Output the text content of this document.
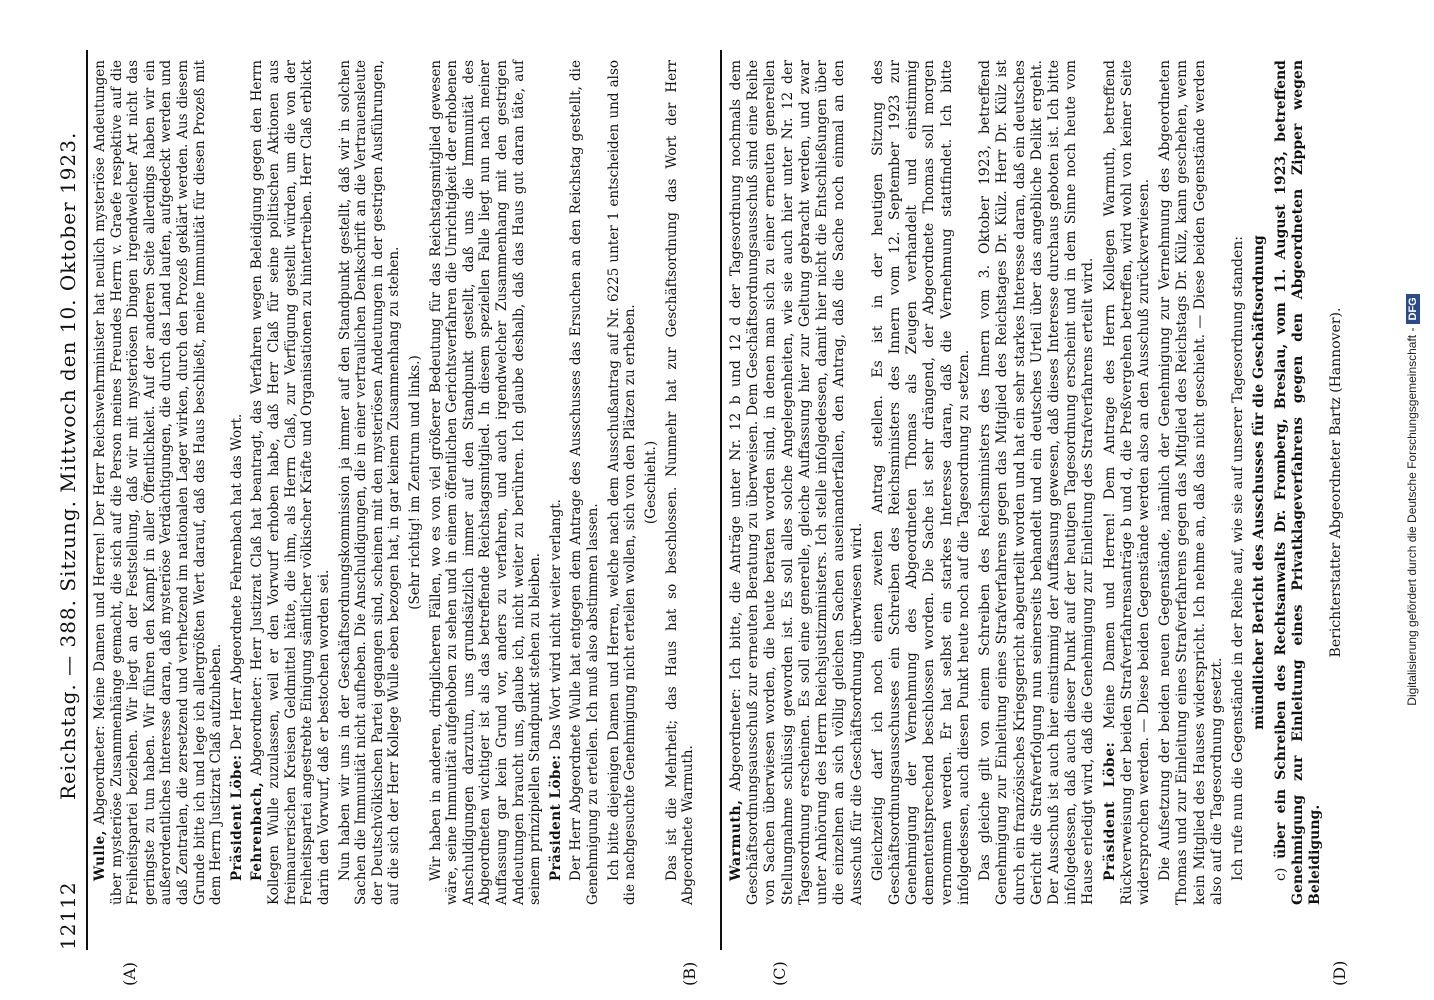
12112
Reichstag. — 388. Sitzung. Mittwoch den 10. Oktober 1923.
(A)	(B)	(C)	(D)

Wulle, Abgeordneter: Meine Damen und Herren! Der Herr Reichswehrminister hat neulich mysteriöse Andeutungen über mysteriöse Zusammenhänge gemacht, die sich auf die Person meines Freundes Herrn v. Graefe respektive auf die Freiheitspartei beziehen. Wir liegt an der Feststellung, daß wir mit mysteriösen Dingen irgendwelcher Art nicht das geringste zu tun haben. Wir führen den Kampf in aller Öffentlichkeit. Auf der anderen Seite allerdings haben wir ein außerordentliches Interesse daran, daß mysteriöse Verdächtigungen, die durch das Land laufen, aufgedeckt werden und daß Zentralen, die zersetzend und verhetzend im nationalen Lager wirken, durch den Prozeß geklärt werden. Aus diesem Grunde bitte ich und lege ich allergrößten Wert darauf, daß das Haus beschließt, meine Immunität für diesen Prozeß mit dem Herrn Justizrat Claß aufzuheben. Präsident Löbe: Der Herr Abgeordnete Fehrenbach hat das Wort.

Fehrenbach, Abgeordneter: Herr Justizrat Claß hat beantragt, das Verfahren wegen Beleidigung gegen den Herrn Kollegen Wulle zuzulassen, weil er den Vorwurf erhoben habe, daß Herr Claß für seine politischen Aktionen aus freimaurerischen Kreisen Geldmittel hätte, die ihm, als Herrn Claß, zur Verfügung gestellt würden, um die von der Freiheitspartei angestrebte Einigung sämtlicher völkischer Kräfte und Organisationen zu hintertreiben. Herr Claß erblickt darin den Vorwurf, daß er bestochen worden sei. Nun haben wir uns in der Geschäftsordnungskommission ja immer auf den Standpunkt gestellt, daß wir in solchen Sachen die Immunität nicht aufheben. Die Anschuldigungen, die in einer vertraulichen Denkschrift an die Vertrauensleute der Deutschvölkischen Partei gegangen sind, scheinen mit den mysteriösen Andeutungen in der gestrigen Ausführungen, auf die sich der Herr Kollege Wulle eben bezogen hat, in gar keinem Zusammenhang zu stehen. (Sehr richtig! im Zentrum und links.) Wir haben in anderen, dringlicheren Fällen, wo es von viel größerer Bedeutung für das Reichstagsmitglied gewesen wäre, seine Immunität aufgehoben zu sehen und in einem öffentlichen Gerichtsverfahren die Unrichtigkeit der erhobenen Anschuldigungen darzutun, uns grundsätzlich immer auf den Standpunkt gestellt, daß uns die Immunität des Abgeordneten wichtiger ist als das betreffende Reichstagsmitglied. In diesem speziellen Falle liegt nun nach meiner Auffassung gar kein Grund vor, anders zu verfahren, und auch irgendwelcher Zusammenhang mit den gestrigen Andeutungen braucht uns, glaube ich, nicht weiter zu berühren. Ich glaube deshalb, daß das Haus gut daran täte, auf seinem prinzipiellen Standpunkt stehen zu bleiben. Präsident Löbe: Das Wort wird nicht weiter verlangt. Der Herr Abgeordnete Wulle hat entgegen dem Antrage des Ausschusses das Ersuchen an den Reichstag gestellt, die Genehmigung zu erteilen. Ich muß also abstimmen lassen. Ich bitte diejenigen Damen und Herren, welche nach dem Ausschußantrag auf Nr. 6225 unter 1 entscheiden und also die nachgesuchte Genehmigung nicht erteilen wollen, sich von den Plätzen zu erheben. (Geschieht.) Das ist die Mehrheit; das Haus hat so beschlossen. Nunmehr hat zur Geschäftsordnung das Wort der Herr Abgeordnete Warmuth. Warmuth, Abgeordneter: Ich bitte, die Anträge unter Nr. 12 b und 12 d der Tagesordnung nochmals dem Geschäftsordnungsausschuß zur erneuten Beratung zu überweisen. Dem Geschäftsordnungsausschuß sind eine Reihe von Sachen überwiesen worden, die heute beraten worden sind, in denen man sich zu einer erneuten generellen Stellungnahme schlüssig geworden ist. Es soll alles solche Angelegenheiten, wie sie auch hier unter Nr. 12 der Tagesordnung erscheinen. Es soll eine generelle, gleiche Auffassung hier zur Geltung gebracht werden, und zwar unter Anhörung des Herrn Reichsjustizministers. Ich stelle infolgedessen, damit hier nicht die Entschließungen über die einzelnen an sich völlig gleichen Sachen auseinanderfallen, den Antrag, daß die Sache noch einmal an den Ausschuß für die Geschäftsordnung überwiesen wird. Gleichzeitig darf ich noch einen zweiten Antrag stellen. Es ist in der heutigen Sitzung des Geschäftsordnungsausschusses ein Schreiben des Reichsministers des Innern vom 12. September 1923 zur Genehmigung der Vernehmung des Abgeordneten Thomas als Zeugen verhandelt und einstimmig demententsprechend beschlossen worden. Die Sache ist sehr drängend, der Abgeordnete Thomas soll morgen vernommen werden. Er hat selbst ein starkes Interesse daran, daß die Vernehmung stattfindet. Ich bitte infolgedessen, auch diesen Punkt heute noch auf die Tagesordnung zu setzen. Das gleiche gilt von einem Schreiben des Reichsministers des Innern vom 3. Oktober 1923, betreffend Genehmigung zur Einleitung eines Strafverfahrens gegen das Mitglied des Reichstages Dr. Külz. Herr Dr. Külz ist durch ein französisches Kriegsgericht abgeurteilt worden und hat ein sehr starkes Interesse daran, daß ein deutsches Gericht die Strafverfolgung nun seinerseits behandelt und ein deutsches Urteil über das angebliche Delikt ergeht. Der Ausschuß ist auch hier einstimmig der Auffassung gewesen, daß dieses Interesse durchaus geboten ist. Ich bitte infolgedessen, daß auch dieser Punkt auf der heutigen Tagesordnung erscheint und in dem Sinne noch heute vom Hause erledigt wird, daß die Genehmigung zur Einleitung des Strafverfahrens erteilt wird. Präsident Löbe: Meine Damen und Herren! Dem Antrage des Herrn Kollegen Warmuth, betreffend Rückverweisung der beiden Strafverfahrensanträge b und d, die Preßvergehen betreffen, wird wohl von keiner Seite widersprochen werden. — Diese beiden Gegenstände werden also an den Ausschuß zurückverwiesen. Die Aufsetzung der beiden neuen Gegenstände, nämlich der Genehmigung zur Vernehmung des Abgeordneten Thomas und zur Einleitung eines Strafverfahrens gegen das Mitglied des Reichstags Dr. Külz, kann geschehen, wenn kein Mitglied des Hauses widerspricht. Ich nehme an, daß das nicht geschieht. — Diese beiden Gegenstände werden also auf die Tagesordnung gesetzt. Ich rufe nun die Gegenstände in der Reihe auf, wie sie auf unserer Tagesordnung standen: mündlicher Bericht des Ausschusses für die Geschäftsordnung

c) über ein Schreiben des Rechtsanwalts Dr. Fromberg, Breslau, vom 11. August 1923, betreffend Genehmigung zur Einleitung eines Privatklageverfahrens gegen den Abgeordneten Zipper wegen Beleidigung.

Berichterstatter Abgeordneter Bartz (Hannover).	Digitalisierung gefördert durch die Deutsche Forschungsgemeinschaft -DFG
